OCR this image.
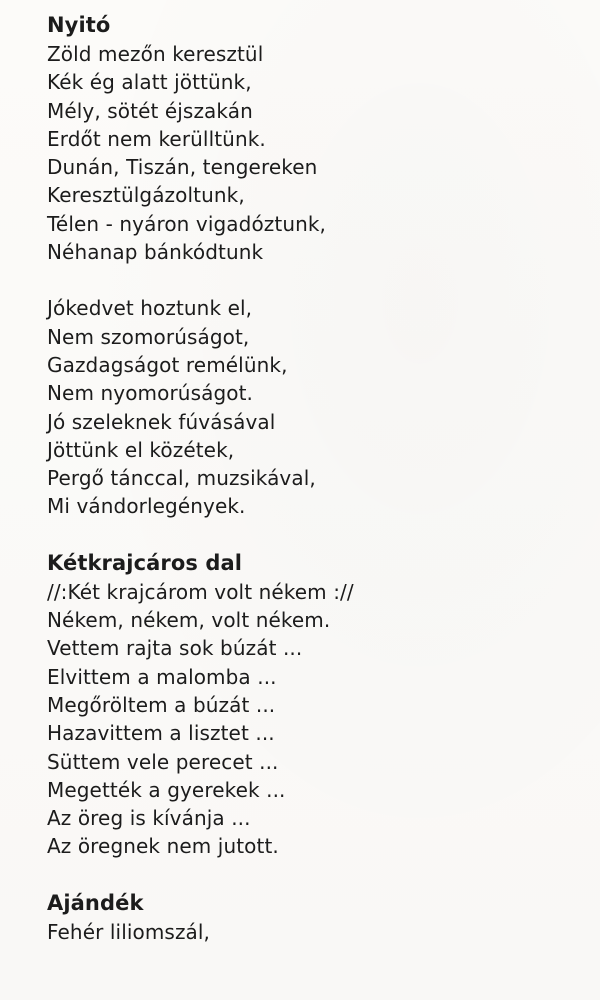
Nyitó

Zöld mezőn keresztül

Kék ég alatt jöttünk,

Mély, sötét éjszakán

Erdőt nem kerülltünk.

Dunán, Tiszán, tengereken

Keresztülgázoltunk,

Télen - nyáron vigadóztunk,

Néhanap bánkódtunk

Jókedvet hoztunk el,

Nem szomorúságot,

Gazdagságot remélünk,

Nem nyomorúságot.

Jó szeleknek fúvásával

Jöttünk el közétek,

Pergő tánccal, muzsikával,

Mi vándorlegények.

Kétkrajcáros dal

//:Két krajcárom volt nékem ://

Nékem, nékem, volt nékem.

Vettem rajta sok búzát ...

Elvittem a malomba ...

Megőröltem a búzát ...

Hazavittem a lisztet ...

Süttem vele perecet ...

Megették a gyerekek ...

Az öreg is kívánja ...

Az öregnek nem jutott.

Ajándék

Fehér liliomszál,
